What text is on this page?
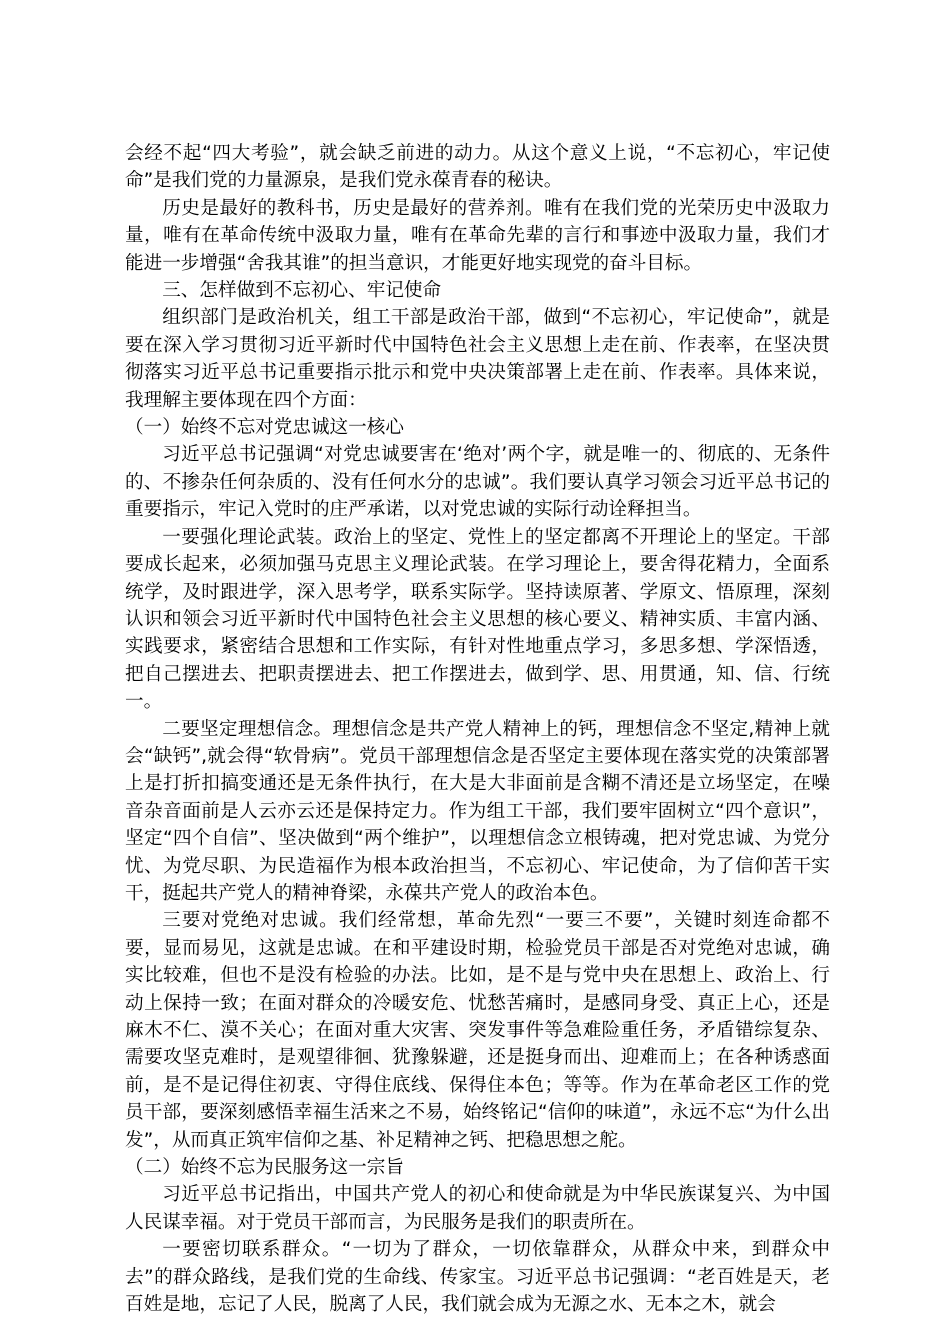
会经不起“四大考验”，就会缺乏前进的动力。从这个意义上说，“不忘初心，牢记使命”是我们党的力量源泉，是我们党永葆青春的秘诀。

历史是最好的教科书，历史是最好的营养剂。唯有在我们党的光荣历史中汲取力量，唯有在革命传统中汲取力量，唯有在革命先辈的言行和事迹中汲取力量，我们才能进一步增强“舍我其谁”的担当意识，才能更好地实现党的奋斗目标。

三、怎样做到不忘初心、牢记使命

组织部门是政治机关，组工干部是政治干部，做到“不忘初心，牢记使命”，就是要在深入学习贯彻习近平新时代中国特色社会主义思想上走在前、作表率，在坚决贯彻落实习近平总书记重要指示批示和党中央决策部署上走在前、作表率。具体来说，我理解主要体现在四个方面：

（一）始终不忘对党忠诚这一核心

习近平总书记强调“对党忠诚要害在‘绝对’两个字，就是唯一的、彻底的、无条件的、不掺杂任何杂质的、没有任何水分的忠诚”。我们要认真学习领会习近平总书记的重要指示，牢记入党时的庄严承诺，以对党忠诚的实际行动诠释担当。

一要强化理论武装。政治上的坚定、党性上的坚定都离不开理论上的坚定。干部要成长起来，必须加强马克思主义理论武装。在学习理论上，要舍得花精力，全面系统学，及时跟进学，深入思考学，联系实际学。坚持读原著、学原文、悟原理，深刻认识和领会习近平新时代中国特色社会主义思想的核心要义、精神实质、丰富内涵、实践要求，紧密结合思想和工作实际，有针对性地重点学习，多思多想、学深悟透，把自己摆进去、把职责摆进去、把工作摆进去，做到学、思、用贯通，知、信、行统一。

二要坚定理想信念。理想信念是共产党人精神上的钙，理想信念不坚定,精神上就会“缺钙”,就会得“软骨病”。党员干部理想信念是否坚定主要体现在落实党的决策部署上是打折扣搞变通还是无条件执行，在大是大非面前是含糊不清还是立场坚定，在噪音杂音面前是人云亦云还是保持定力。作为组工干部，我们要牢固树立“四个意识”，坚定“四个自信”、坚决做到“两个维护”，以理想信念立根铸魂，把对党忠诚、为党分忧、为党尽职、为民造福作为根本政治担当，不忘初心、牢记使命，为了信仰苦干实干，挺起共产党人的精神脊梁，永葆共产党人的政治本色。

三要对党绝对忠诚。我们经常想，革命先烈“一要三不要”，关键时刻连命都不要，显而易见，这就是忠诚。在和平建设时期，检验党员干部是否对党绝对忠诚，确实比较难，但也不是没有检验的办法。比如，是不是与党中央在思想上、政治上、行动上保持一致；在面对群众的冷暖安危、忧愁苦痛时，是感同身受、真正上心，还是麻木不仁、漠不关心；在面对重大灾害、突发事件等急难险重任务，矛盾错综复杂、需要攻坚克难时，是观望徘徊、犹豫躲避，还是挺身而出、迎难而上；在各种诱惑面前，是不是记得住初衷、守得住底线、保得住本色；等等。作为在革命老区工作的党员干部，要深刻感悟幸福生活来之不易，始终铭记“信仰的味道”，永远不忘“为什么出发”，从而真正筑牢信仰之基、补足精神之钙、把稳思想之舵。

（二）始终不忘为民服务这一宗旨

习近平总书记指出，中国共产党人的初心和使命就是为中华民族谋复兴、为中国人民谋幸福。对于党员干部而言，为民服务是我们的职责所在。

一要密切联系群众。“一切为了群众，一切依靠群众，从群众中来，到群众中去”的群众路线，是我们党的生命线、传家宝。习近平总书记强调：“老百姓是天，老百姓是地，忘记了人民，脱离了人民，我们就会成为无源之水、无本之木，就会
